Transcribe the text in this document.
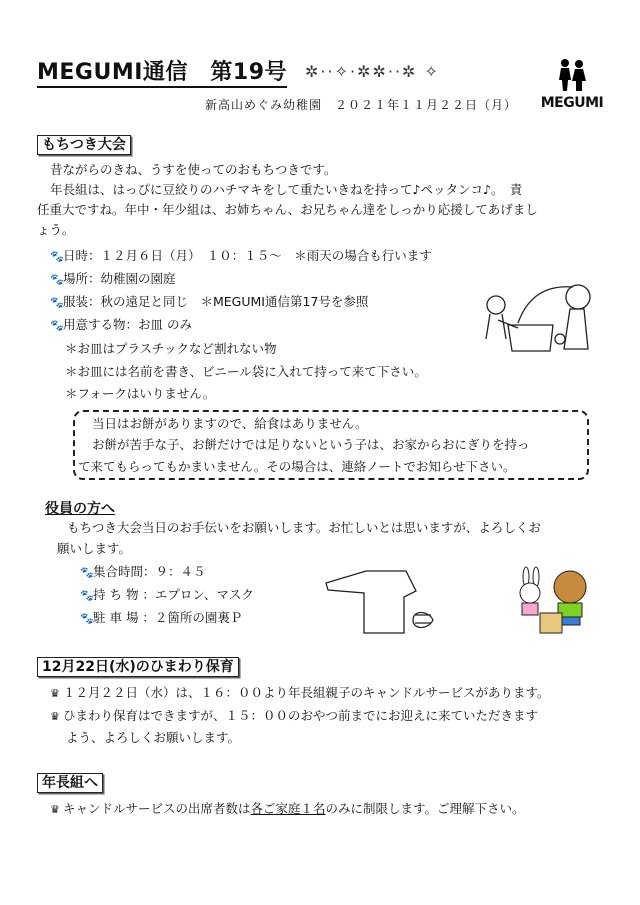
MEGUMI通信　第19号 ✲··✧·✲✲··✲ ✧
新高山めぐみ幼稚園　２０２１年１１月２２日（月） MEGUMI
もちつき大会
昔ながらのきね、うすを使ってのおもちつきです。
年長組は、はっぴに豆絞りのハチマキをして重たいきねを持って♪ペッタンコ♪。　責
任重大ですね。年中・年少組は、お姉ちゃん、お兄ちゃん達をしっかり応援してあげまし
ょう。
🐾日時：１２月６日（月）　１０：１５～　＊雨天の場合も行います
🐾場所：幼稚園の園庭
🐾服装：秋の遠足と同じ　＊MEGUMI通信第17号を参照
🐾用意する物：お皿 のみ
＊お皿はプラスチックなど割れない物
＊お皿には名前を書き、ビニール袋に入れて持って来て下さい。
＊フォークはいりません。
当日はお餅がありますので、給食はありません。
お餅が苦手な子、お餅だけでは足りないという子は、お家からおにぎりを持っ
て来てもらってもかまいません。その場合は、連絡ノートでお知らせ下さい。
役員の方へ
もちつき大会当日のお手伝いをお願いします。お忙しいとは思いますが、よろしくお
願いします。
🐾集合時間：９：４５
🐾持 ち 物 ：エプロン、マスク
🐾駐 車 場 ：２箇所の園裏Ｐ
12月22日(水)のひまわり保育
♛ １２月２２日（水）は、１６：００より年長組親子のキャンドルサービスがあります。
♛ ひまわり保育はできますが、１５：００のおやつ前までにお迎えに来ていただきます
よう、よろしくお願いします。
年長組へ
♛ キャンドルサービスの出席者数は各ご家庭１名のみに制限します。ご理解下さい。
